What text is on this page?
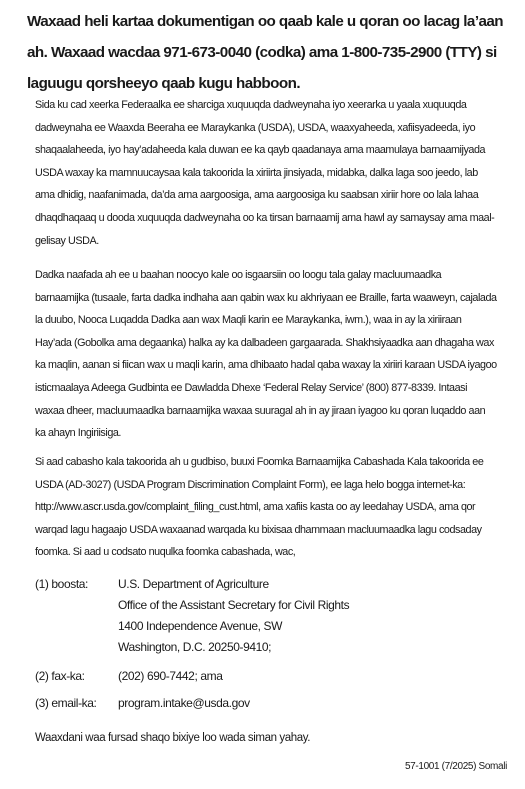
Waxaad heli kartaa dokumentigan oo qaab kale u qoran oo lacag la’aan ah. Waxaad wacdaa 971-673-0040 (codka) ama 1-800-735-2900 (TTY) si laguugu qorsheeyo qaab kugu habboon.

Sida ku cad xeerka Federaalka ee sharciga xuquuqda dadweynaha iyo xeerarka u yaala xuquuqda dadweynaha ee Waaxda Beeraha ee Maraykanka (USDA), USDA, waaxyaheeda, xafiisyadeeda, iyo shaqaalaheeda, iyo hay’adaheeda kala duwan ee ka qayb qaadanaya ama maamulaya barnaamijyada USDA waxay ka mamnuucaysaa kala takoorida la xiriirta jinsiyada, midabka, dalka laga soo jeedo, lab ama dhidig, naafanimada, da’da ama aargoosiga, ama aargoosiga ku saabsan xiriir hore oo lala lahaa dhaqdhaqaaq u dooda xuquuqda dadweynaha oo ka tirsan barnaamij ama hawl ay samaysay ama maal-gelisay USDA.

Dadka naafada ah ee u baahan noocyo kale oo isgaarsiin oo loogu tala galay macluumaadka barnaamijka (tusaale, farta dadka indhaha aan qabin wax ku akhriyaan ee Braille, farta waaweyn, cajalada la duubo, Nooca Luqadda Dadka aan wax Maqli karin ee Maraykanka, iwm.), waa in ay la xiriiraan Hay’ada (Gobolka ama degaanka) halka ay ka dalbadeen gargaarada. Shakhsiyaadka aan dhagaha wax ka maqlin, aanan si fiican wax u maqli karin, ama dhibaato hadal qaba waxay la xiriiri karaan USDA iyagoo isticmaalaya Adeega Gudbinta ee Dawladda Dhexe ‘Federal Relay Service’ (800) 877-8339. Intaasi waxaa dheer, macluumaadka barnaamijka waxaa suuragal ah in ay jiraan iyagoo ku qoran luqaddo aan ka ahayn Ingiriisiga.

Si aad cabasho kala takoorida ah u gudbiso, buuxi Foomka Barnaamijka Cabashada Kala takoorida ee USDA (AD-3027) (USDA Program Discrimination Complaint Form), ee laga helo bogga internet-ka: http://www.ascr.usda.gov/complaint_filing_cust.html, ama xafiis kasta oo ay leedahay USDA, ama qor warqad lagu hagaajo USDA waxaanad warqada ku bixisaa dhammaan macluumaadka lagu codsaday foomka. Si aad u codsato nuqulka foomka cabashada, wac,

(1) boosta:	U.S. Department of Agriculture
Office of the Assistant Secretary for Civil Rights
1400 Independence Avenue, SW
Washington, D.C. 20250-9410;
(2) fax-ka:	(202) 690-7442; ama
(3) email-ka:	program.intake@usda.gov

Waaxdani waa fursad shaqo bixiye loo wada siman yahay.

57-1001 (7/2025) Somali
